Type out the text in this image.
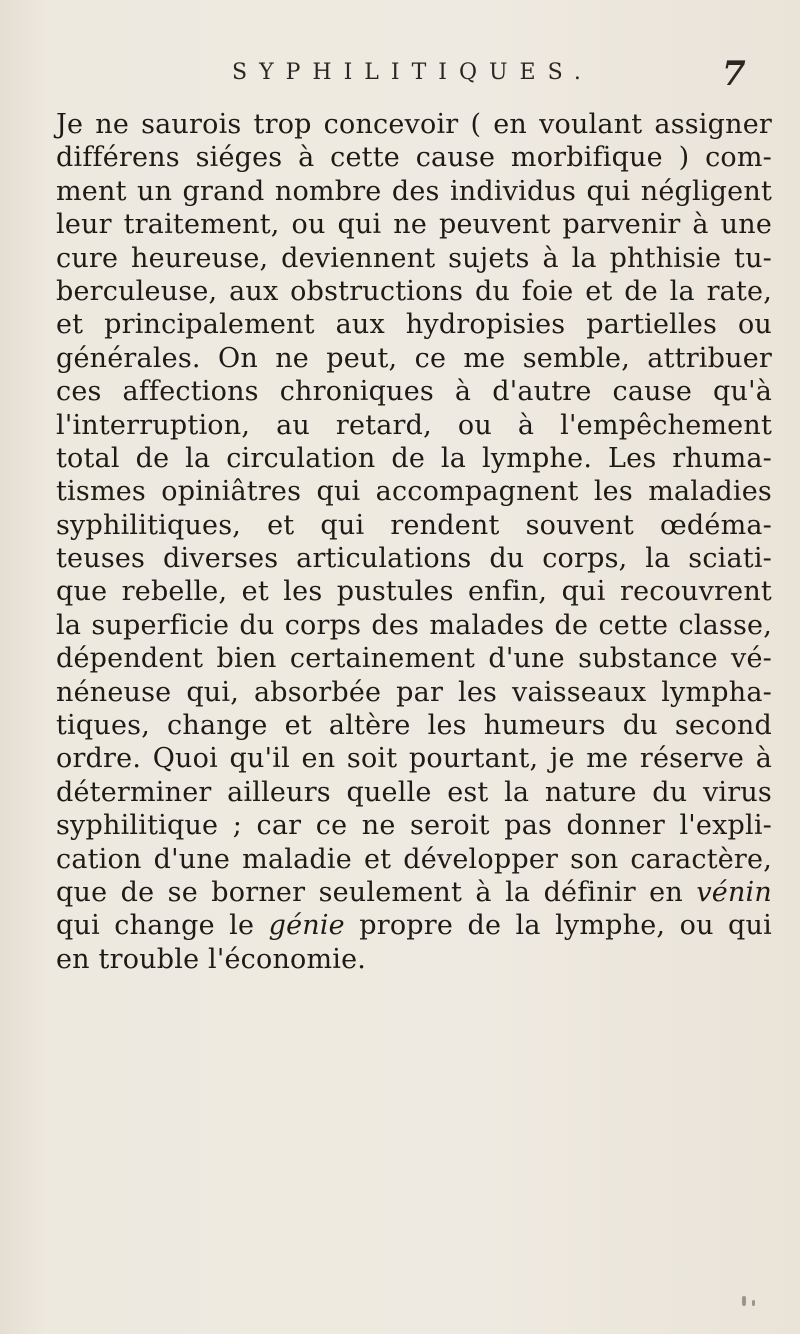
SYPHILITIQUES.	7
Je ne saurois trop concevoir ( en voulant assigner
différens siéges à cette cause morbifique ) com-
ment un grand nombre des individus qui négligent
leur traitement, ou qui ne peuvent parvenir à une
cure heureuse, deviennent sujets à la phthisie tu-
berculeuse, aux obstructions du foie et de la rate,
et principalement aux hydropisies partielles ou
générales. On ne peut, ce me semble, attribuer
ces affections chroniques à d'autre cause qu'à
l'interruption, au retard, ou à l'empêchement
total de la circulation de la lymphe. Les rhuma-
tismes opiniâtres qui accompagnent les maladies
syphilitiques, et qui rendent souvent œdéma-
teuses diverses articulations du corps, la sciati-
que rebelle, et les pustules enfin, qui recouvrent
la superficie du corps des malades de cette classe,
dépendent bien certainement d'une substance vé-
néneuse qui, absorbée par les vaisseaux lympha-
tiques, change et altère les humeurs du second
ordre. Quoi qu'il en soit pourtant, je me réserve à
déterminer ailleurs quelle est la nature du virus
syphilitique ; car ce ne seroit pas donner l'expli-
cation d'une maladie et développer son caractère,
que de se borner seulement à la définir en vénin
qui change le génie propre de la lymphe, ou qui
en trouble l'économie.
